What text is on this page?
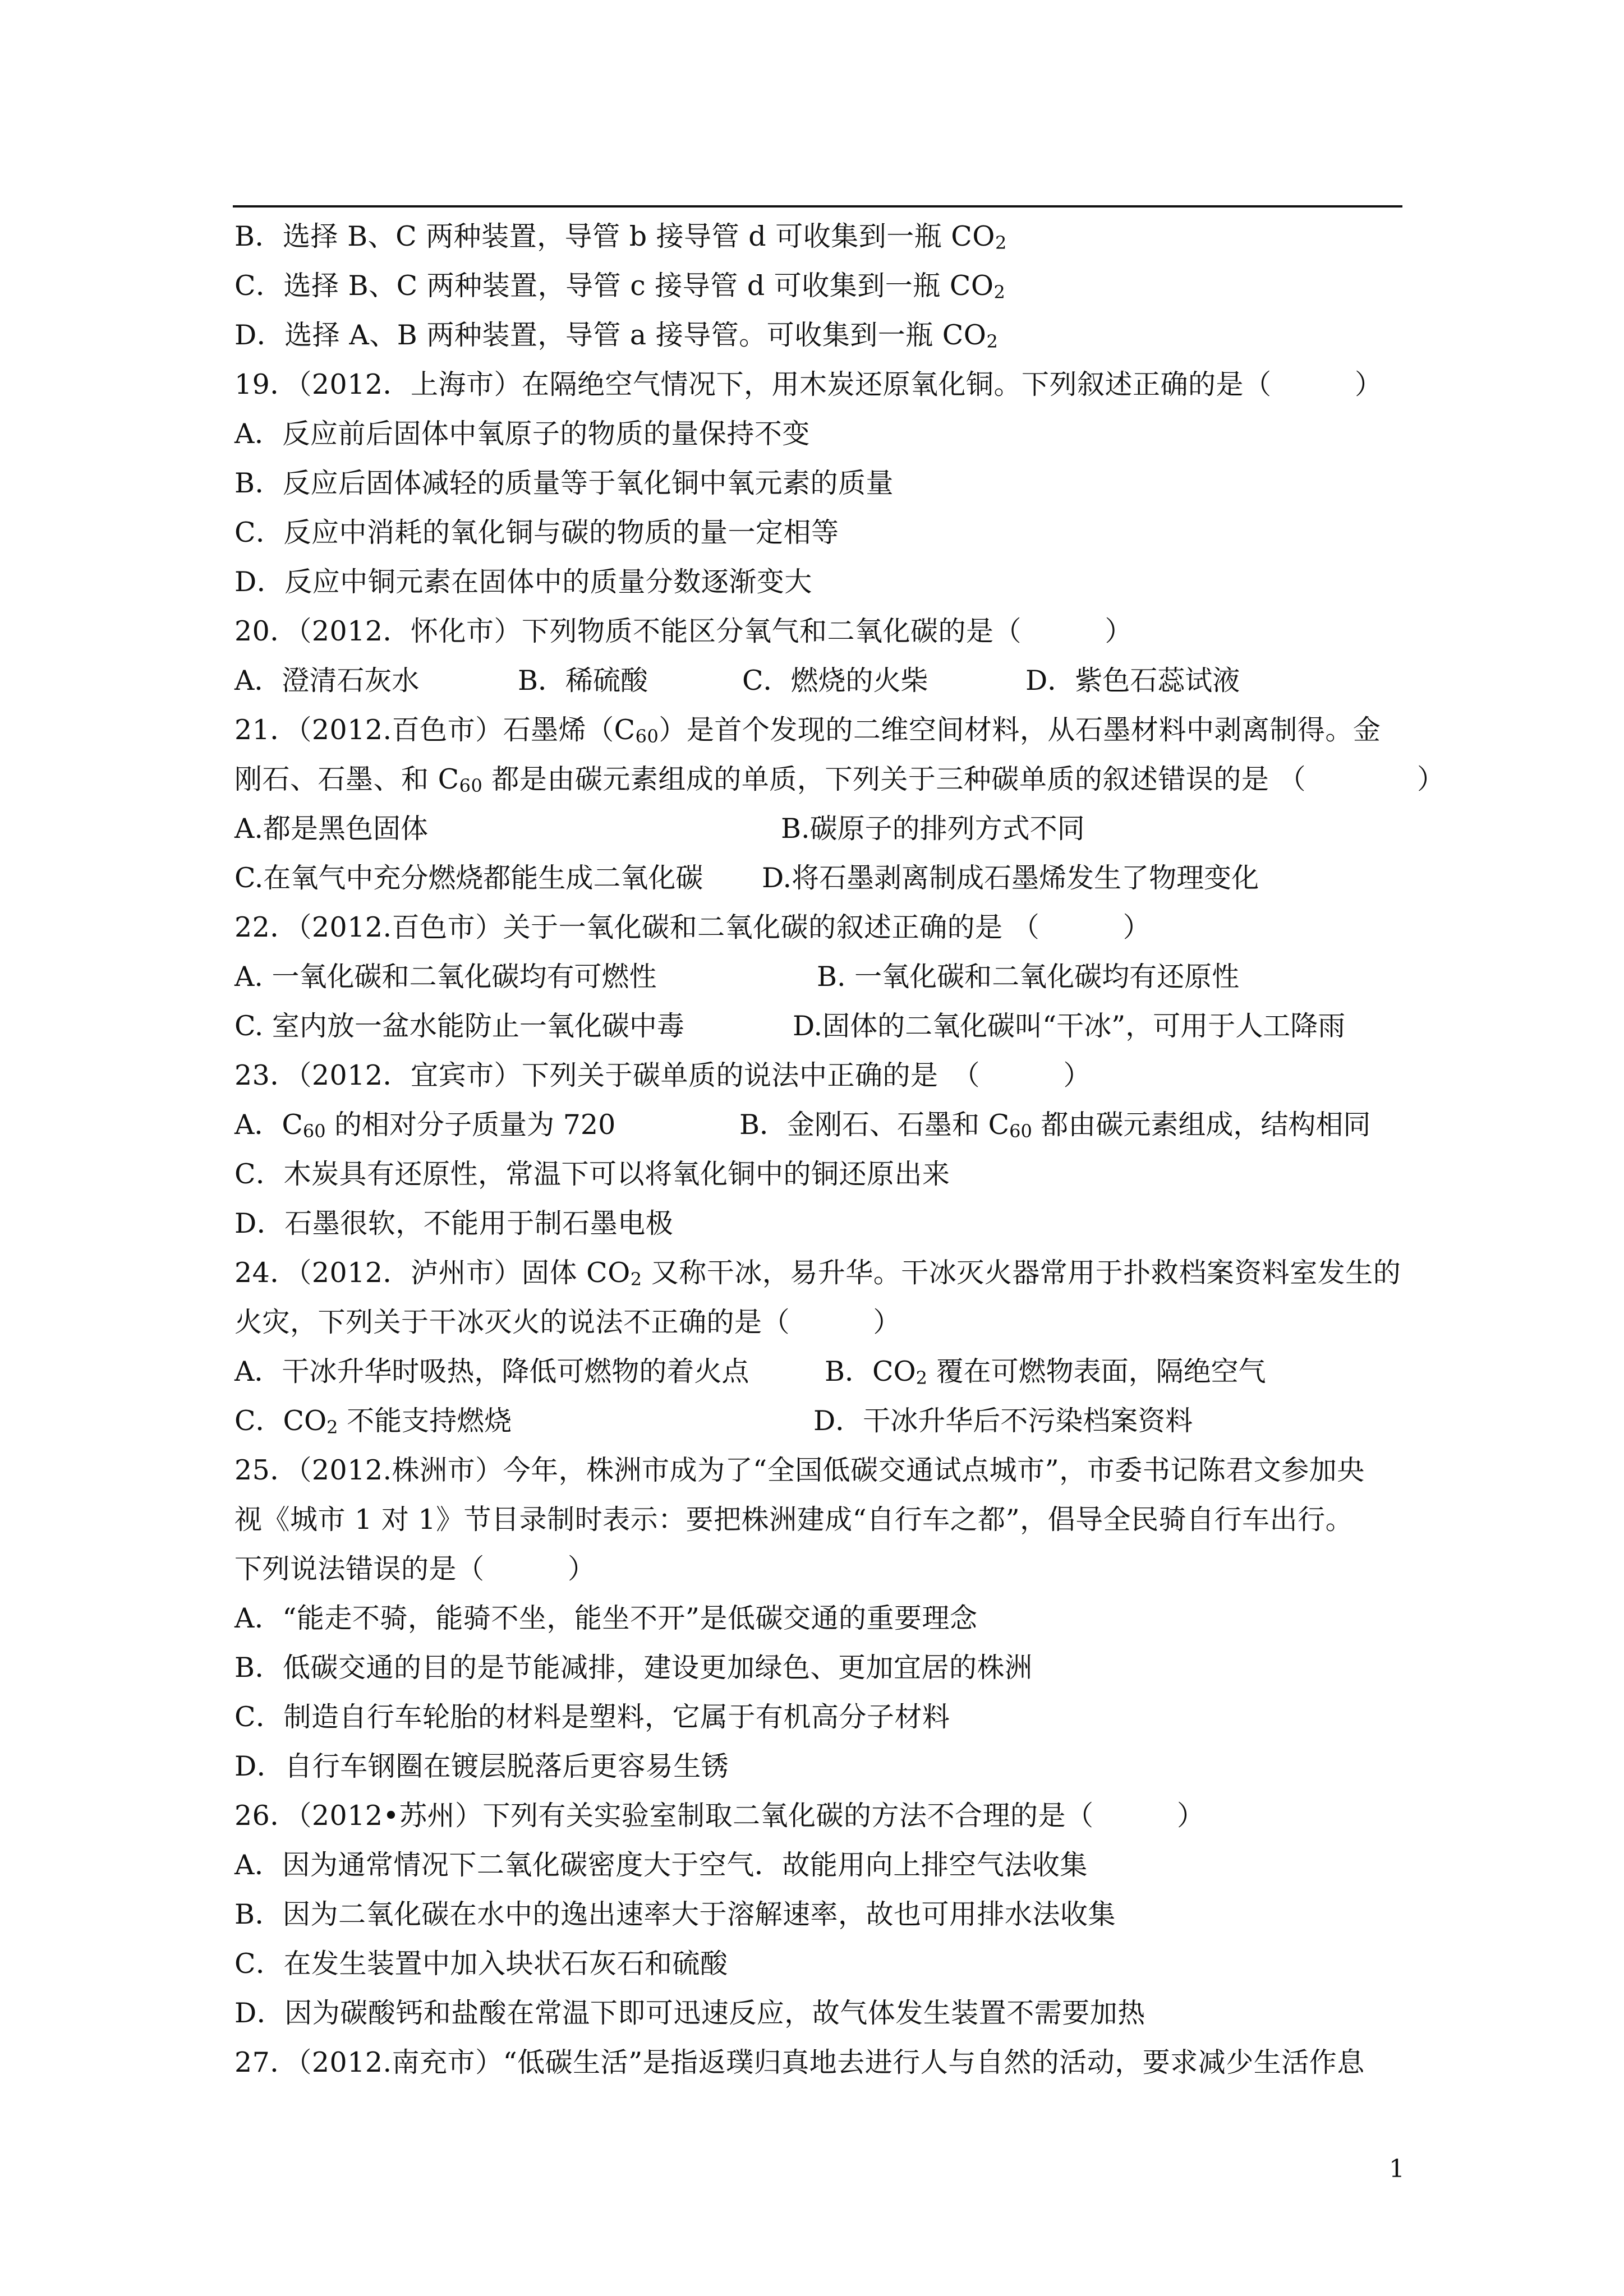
B．选择 B、C 两种装置，导管 b 接导管 d 可收集到一瓶 $CO_2$
C．选择 B、C 两种装置，导管 c 接导管 d 可收集到一瓶 $CO_2$
D．选择 A、B 两种装置，导管 a 接导管。可收集到一瓶 $CO_2$
19．（2012．上海市）在隔绝空气情况下，用木炭还原氧化铜。下列叙述正确的是（　　　）
A．反应前后固体中氧原子的物质的量保持不变
B．反应后固体减轻的质量等于氧化铜中氧元素的质量
C．反应中消耗的氧化铜与碳的物质的量一定相等
D．反应中铜元素在固体中的质量分数逐渐变大
20．（2012．怀化市）下列物质不能区分氧气和二氧化碳的是（　　　）
A．澄清石灰水	B．稀硫酸	C．燃烧的火柴	D．紫色石蕊试液
21．（2012.百色市）石墨烯$(C_{60})$是首个发现的二维空间材料，从石墨材料中剥离制得。金
刚石、石墨、和 $C_{60}$ 都是由碳元素组成的单质，下列关于三种碳单质的叙述错误的是 （　　　　）
A.都是黑色固体	B.碳原子的排列方式不同
C.在氧气中充分燃烧都能生成二氧化碳	D.将石墨剥离制成石墨烯发生了物理变化
22．（2012.百色市）关于一氧化碳和二氧化碳的叙述正确的是 （　　　）
A. 一氧化碳和二氧化碳均有可燃性	B. 一氧化碳和二氧化碳均有还原性
C. 室内放一盆水能防止一氧化碳中毒	D.固体的二氧化碳叫“干冰”，可用于人工降雨
23．（2012．宜宾市）下列关于碳单质的说法中正确的是　（　　　）
A．$C_{60}$ 的相对分子质量为 720	B．金刚石、石墨和 $C_{60}$ 都由碳元素组成，结构相同
C．木炭具有还原性，常温下可以将氧化铜中的铜还原出来
D．石墨很软，不能用于制石墨电极
24．（2012．泸州市）固体 $CO_2$ 又称干冰，易升华。干冰灭火器常用于扑救档案资料室发生的
火灾，下列关于干冰灭火的说法不正确的是（　　　）
A．干冰升华时吸热，降低可燃物的着火点	B．$CO_2$ 覆在可燃物表面，隔绝空气
C．$CO_2$ 不能支持燃烧	D．干冰升华后不污染档案资料
25．（2012.株洲市）今年，株洲市成为了“全国低碳交通试点城市”，市委书记陈君文参加央
视《城市 1 对 1》节目录制时表示：要把株洲建成“自行车之都”，倡导全民骑自行车出行。
下列说法错误的是（　　　）
A．“能走不骑，能骑不坐，能坐不开”是低碳交通的重要理念
B．低碳交通的目的是节能减排，建设更加绿色、更加宜居的株洲
C．制造自行车轮胎的材料是塑料，它属于有机高分子材料
D．自行车钢圈在镀层脱落后更容易生锈
26．（2012•苏州）下列有关实验室制取二氧化碳的方法不合理的是（　　　）
A．因为通常情况下二氧化碳密度大于空气．故能用向上排空气法收集
B．因为二氧化碳在水中的逸出速率大于溶解速率，故也可用排水法收集
C．在发生装置中加入块状石灰石和硫酸
D．因为碳酸钙和盐酸在常温下即可迅速反应，故气体发生装置不需要加热
27．（2012.南充市）“低碳生活”是指返璞归真地去进行人与自然的活动，要求减少生活作息
1
